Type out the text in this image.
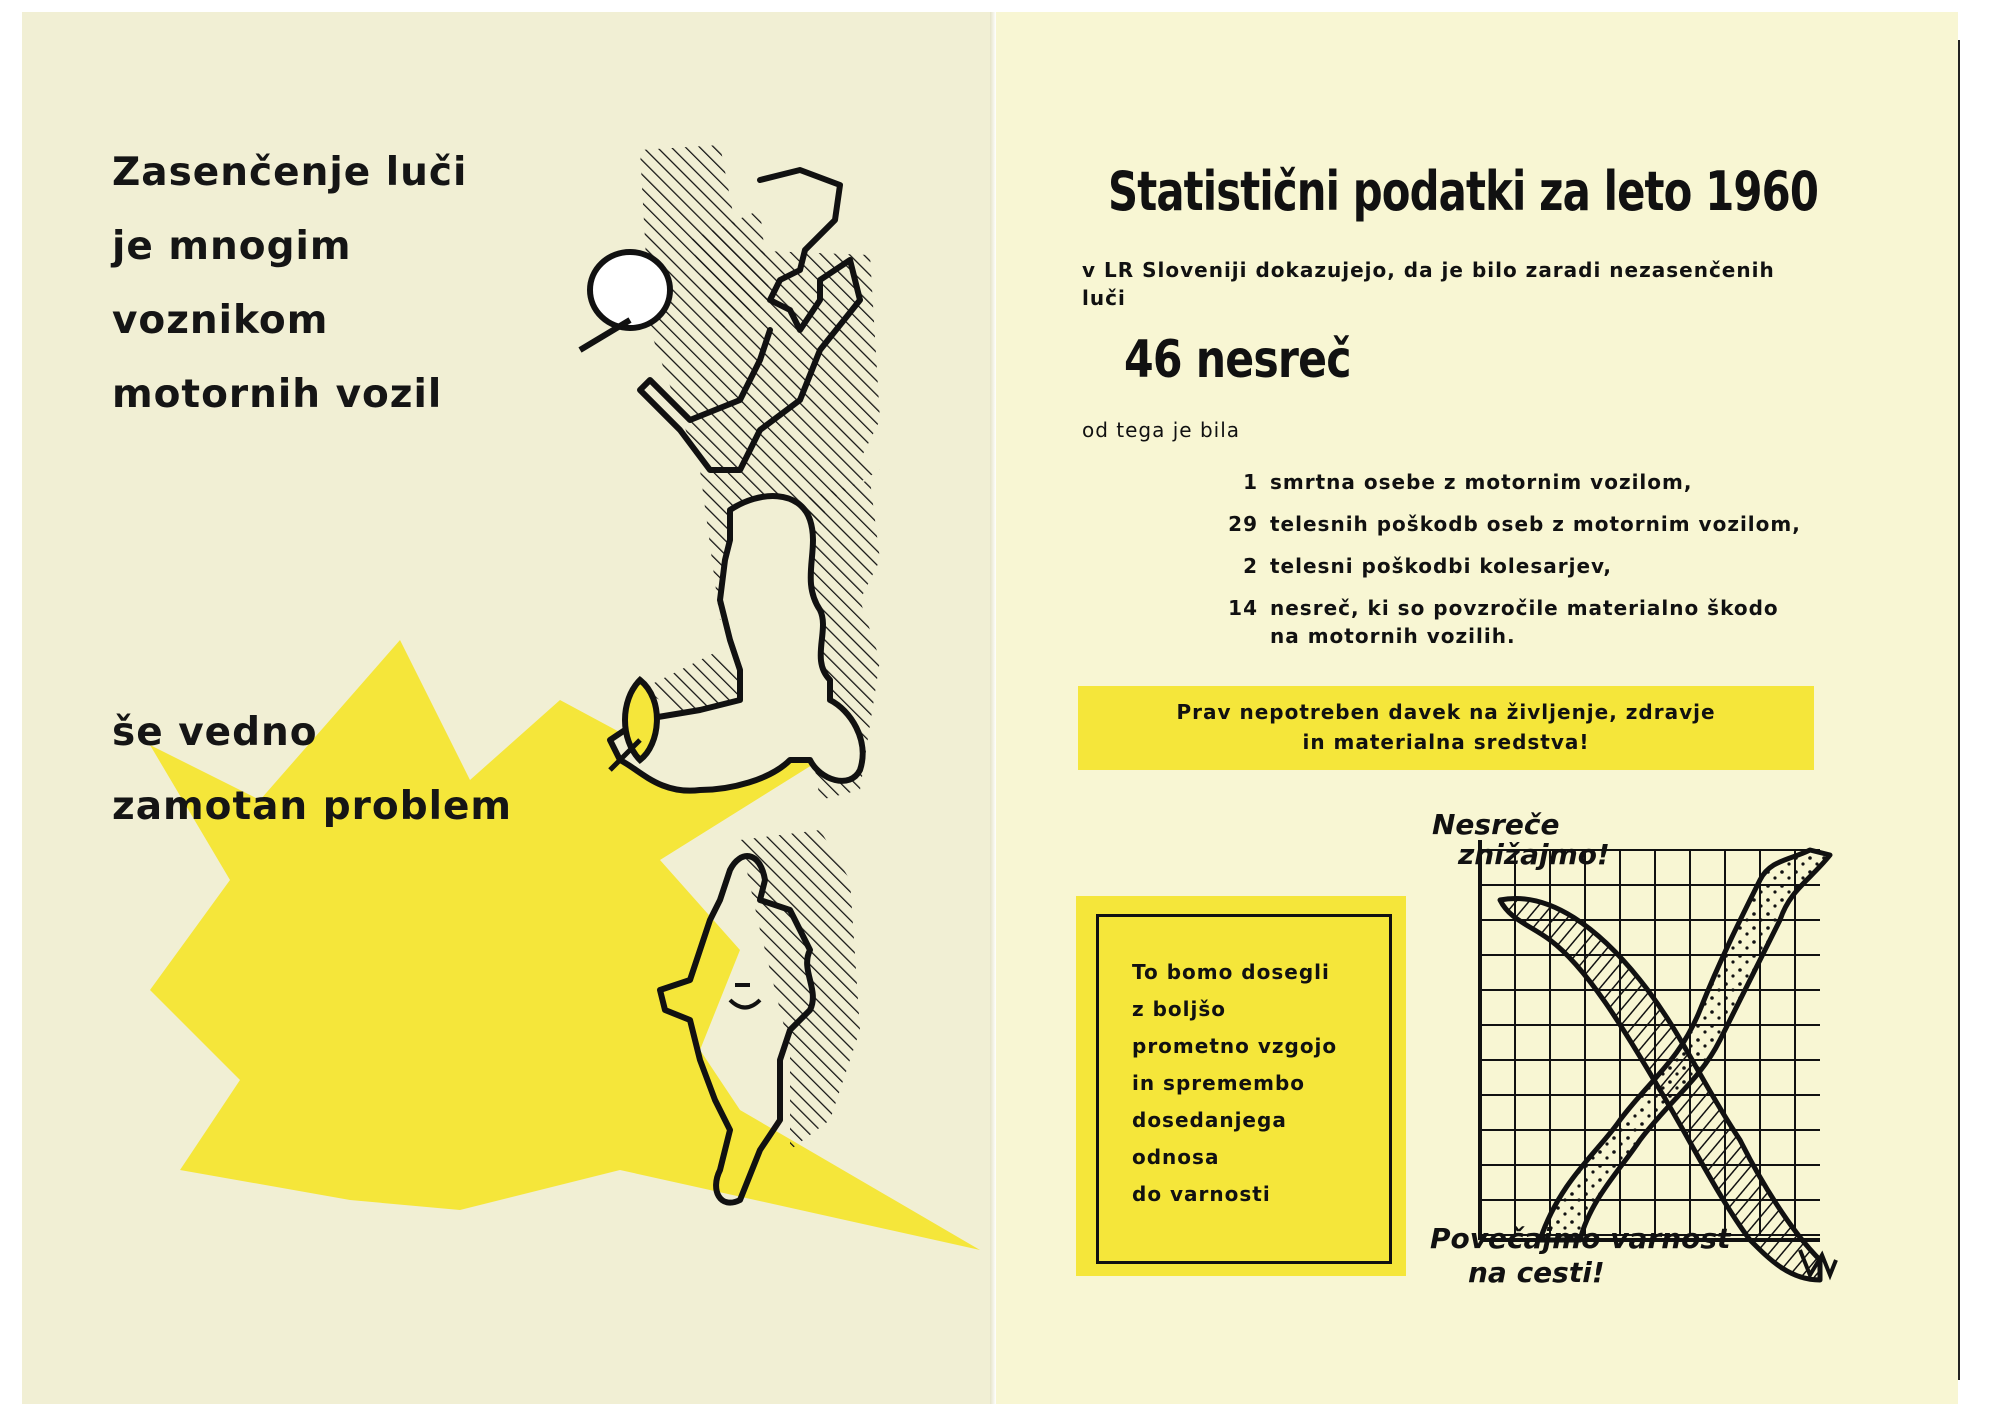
Zasenčenje luči
je mnogim
voznikom
motornih vozil
še vedno
zamotan problem
Statistični podatki za leto 1960
v LR Sloveniji dokazujejo, da je bilo zaradi nezasenčenih
luči
46 nesreč
od tega je bila
1 smrtna osebe z motornim vozilom,
29 telesnih poškodb oseb z motornim vozilom,
2 telesni poškodbi kolesarjev,
14 nesreč, ki so povzročile materialno škodo
na motornih vozilih.
Prav nepotreben davek na življenje, zdravje
in materialna sredstva!
To bomo dosegli
z boljšo
prometno vzgojo
in spremembo
dosedanjega
odnosa
do varnosti
Nesreče
znižajmo!
Povečajmo varnost
na cesti!
